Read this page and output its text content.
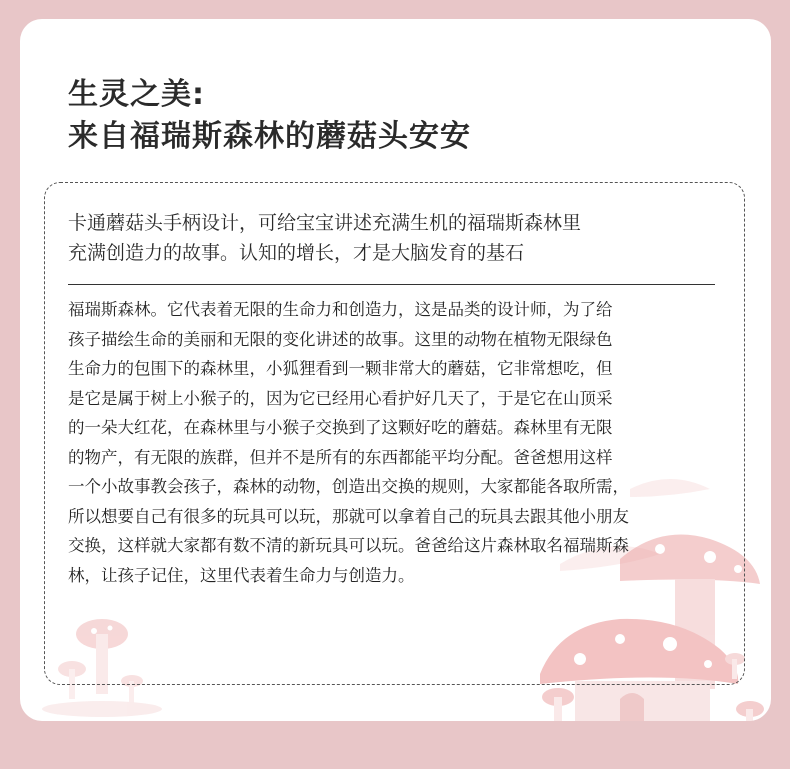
生灵之美:
来自福瑞斯森林的蘑菇头安安

卡通蘑菇头手柄设计，可给宝宝讲述充满生机的福瑞斯森林里
充满创造力的故事。认知的增长，才是大脑发育的基石

福瑞斯森林。它代表着无限的生命力和创造力，这是品类的设计师，为了给
孩子描绘生命的美丽和无限的变化讲述的故事。这里的动物在植物无限绿色
生命力的包围下的森林里，小狐狸看到一颗非常大的蘑菇，它非常想吃，但
是它是属于树上小猴子的，因为它已经用心看护好几天了，于是它在山顶采
的一朵大红花，在森林里与小猴子交换到了这颗好吃的蘑菇。森林里有无限
的物产，有无限的族群，但并不是所有的东西都能平均分配。爸爸想用这样
一个小故事教会孩子，森林的动物，创造出交换的规则，大家都能各取所需，
所以想要自己有很多的玩具可以玩，那就可以拿着自己的玩具去跟其他小朋友
交换，这样就大家都有数不清的新玩具可以玩。爸爸给这片森林取名福瑞斯森
林，让孩子记住，这里代表着生命力与创造力。
